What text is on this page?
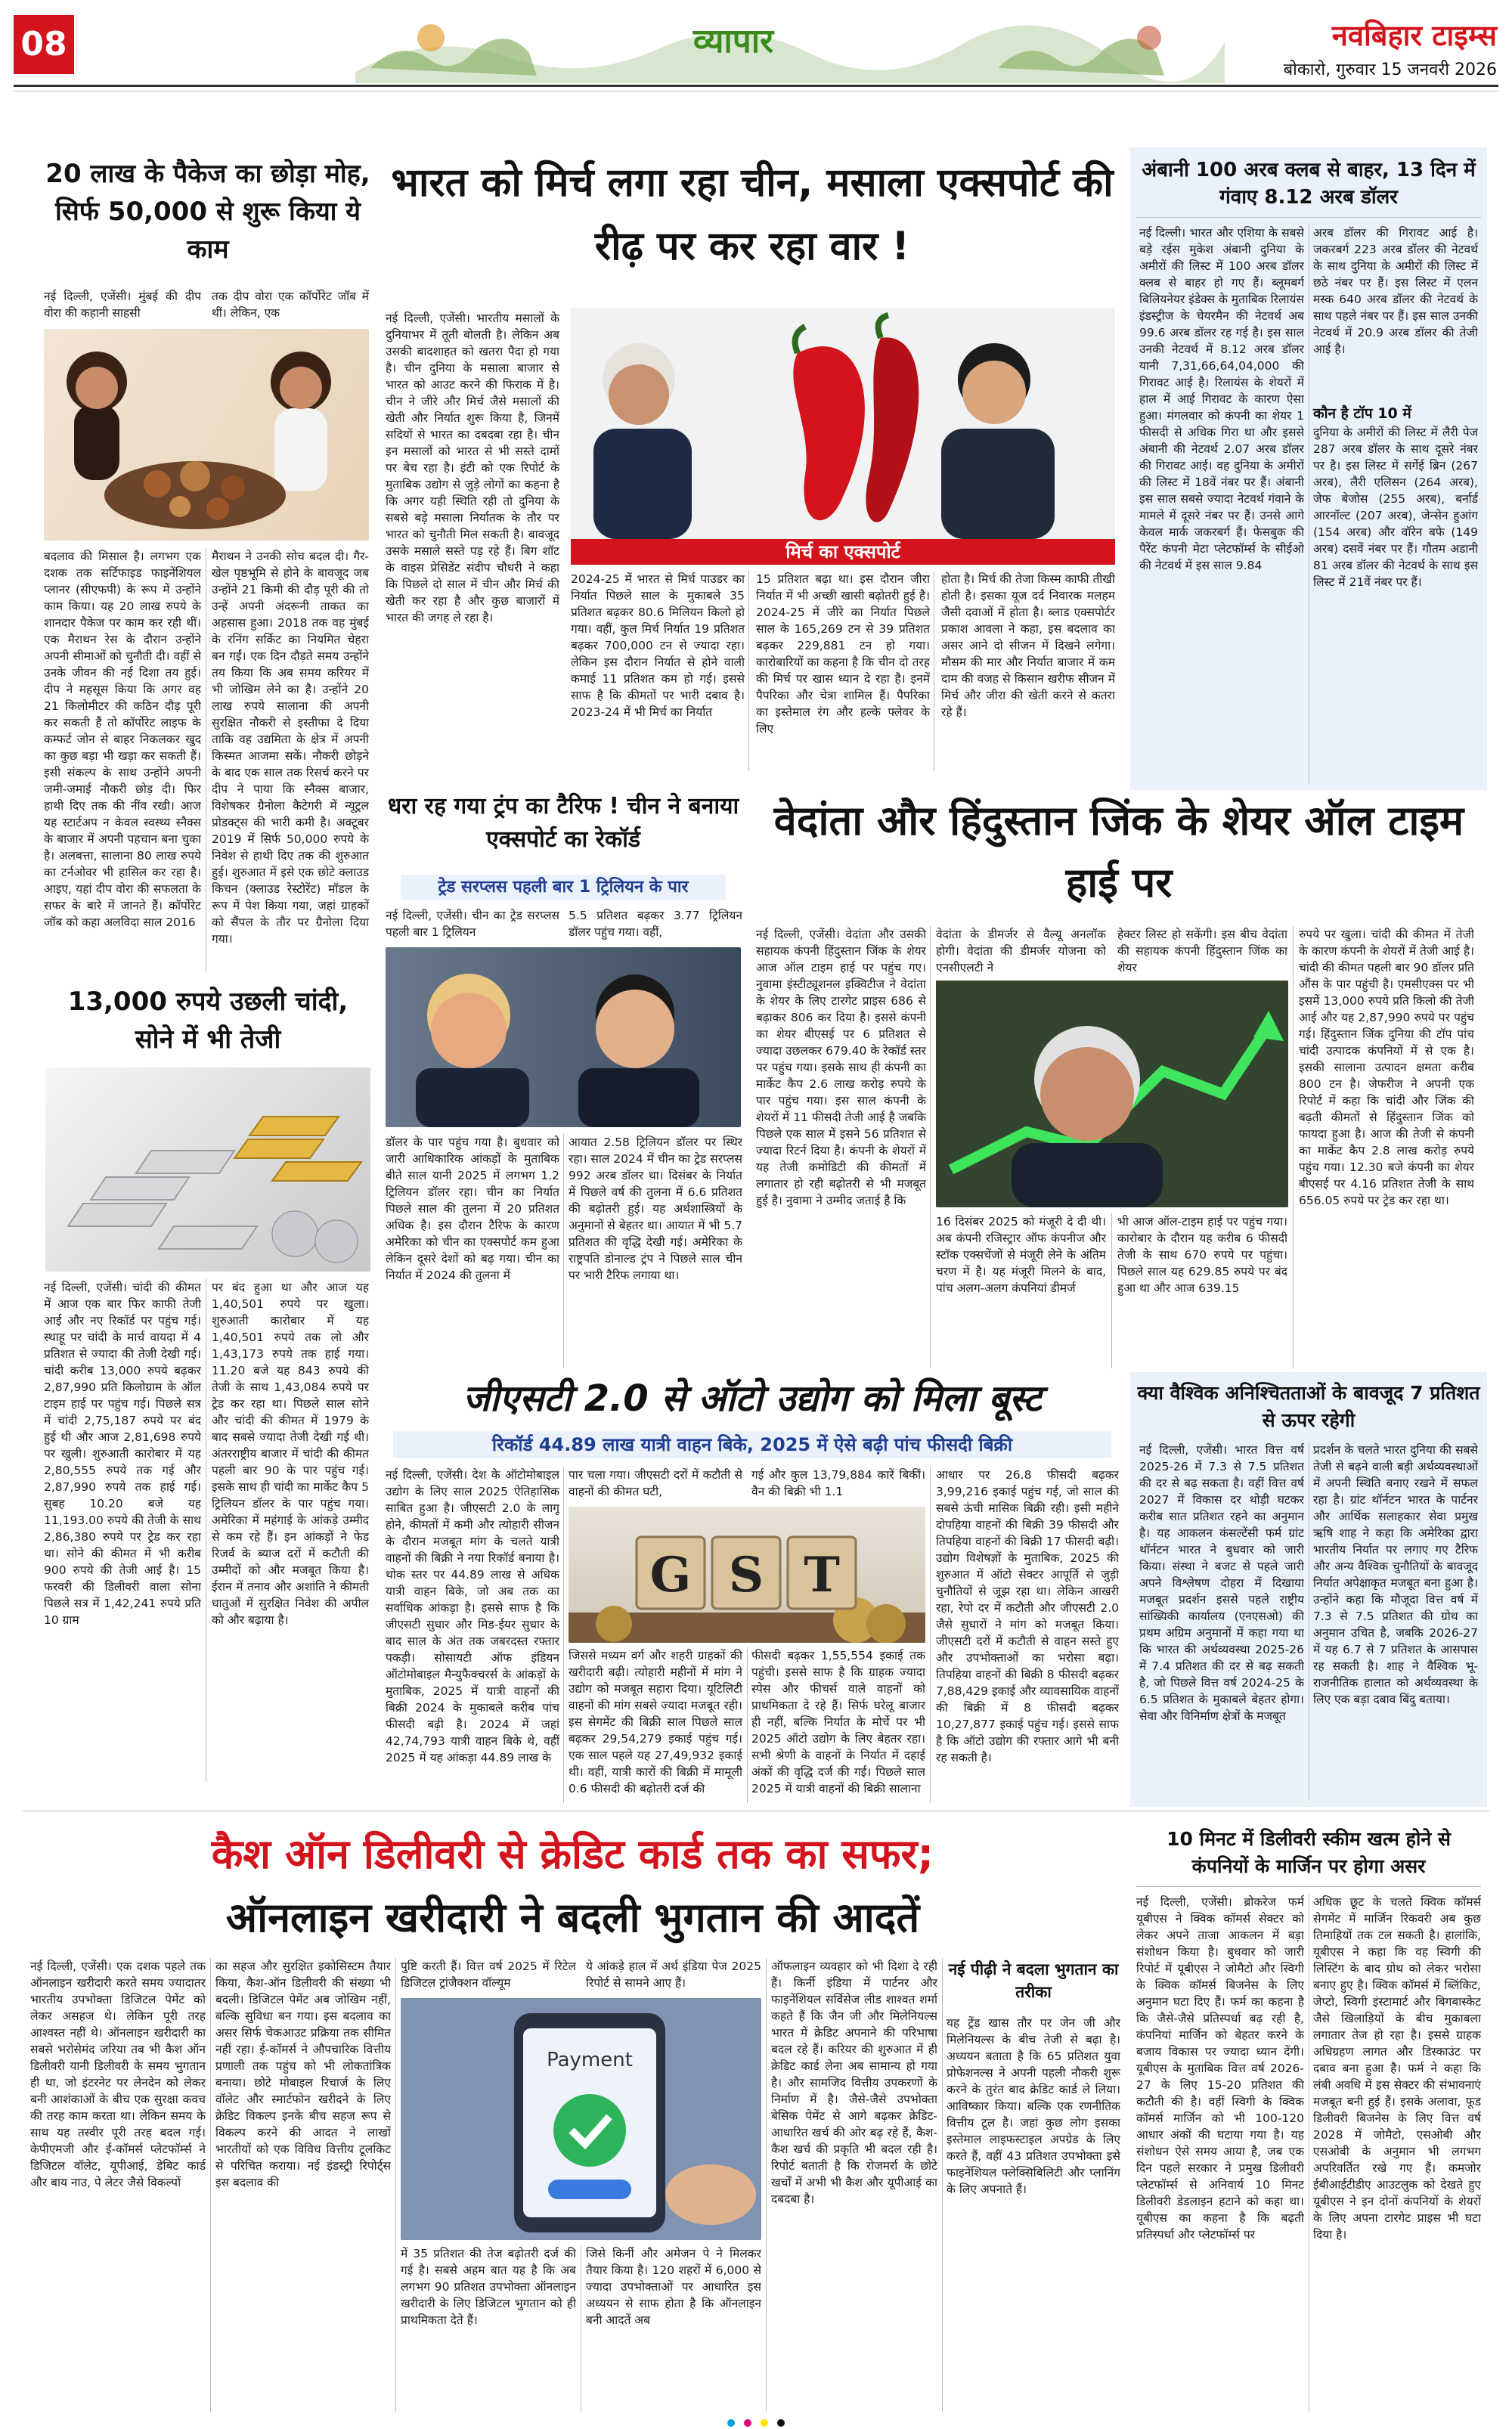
08	व्यापार	नवबिहार टाइम्स
बोकारो, गुरुवार 15 जनवरी 2026
20 लाख के पैकेज का छोड़ा मोह, सिर्फ 50,000 से शुरू किया ये काम
नई दिल्ली, एजेंसी। मुंबई की दीप वोरा की कहानी साहसी
तक दीप वोरा एक कॉर्पोरेट जॉब में थीं। लेकिन, एक
बदलाव की मिसाल है। लगभग एक दशक तक सर्टिफाइड फाइनेंशियल प्लानर (सीएफपी) के रूप में उन्होंने काम किया। यह 20 लाख रुपये के शानदार पैकेज पर काम कर रही थीं। एक मैराथन रेस के दौरान उन्होंने अपनी सीमाओं को चुनौती दी। वहीं से उनके जीवन की नई दिशा तय हुई। दीप ने महसूस किया कि अगर वह 21 किलोमीटर की कठिन दौड़ पूरी कर सकती हैं तो कॉर्पोरेट लाइफ के कम्फर्ट जोन से बाहर निकलकर खुद का कुछ बड़ा भी खड़ा कर सकती हैं। इसी संकल्प के साथ उन्होंने अपनी जमी-जमाई नौकरी छोड़ दी। फिर हाथी दिए तक की नींव रखी। आज यह स्टार्टअप न केवल स्वस्थ्य स्नैक्स के बाजार में अपनी पहचान बना चुका है। अलबत्ता, सालाना 80 लाख रुपये का टर्नओवर भी हासिल कर रहा है। आइए, यहां दीप वोरा की सफलता के सफर के बारे में जानते हैं। कॉर्पोरेट जॉब को कहा अलविदा साल 2016
मैराथन ने उनकी सोच बदल दी। गैर-खेल पृष्ठभूमि से होने के बावजूद जब उन्होंने 21 किमी की दौड़ पूरी की तो उन्हें अपनी अंदरूनी ताकत का अहसास हुआ। 2018 तक वह मुंबई के रनिंग सर्किट का नियमित चेहरा बन गईं। एक दिन दौड़ते समय उन्होंने तय किया कि अब समय करियर में भी जोखिम लेने का है। उन्होंने 20 लाख रुपये सालाना की अपनी सुरक्षित नौकरी से इस्तीफा दे दिया ताकि वह उद्यमिता के क्षेत्र में अपनी किस्मत आजमा सकें। नौकरी छोड़ने के बाद एक साल तक रिसर्च करने पर दीप ने पाया कि स्नैक्स बाजार, विशेषकर ग्रैनोला कैटेगरी में न्यूट्रल प्रोडक्ट्स की भारी कमी है। अक्टूबर 2019 में सिर्फ 50,000 रुपये के निवेश से हाथी दिए तक की शुरुआत हुई। शुरुआत में इसे एक छोटे क्लाउड किचन (क्लाउड रेस्टोरेंट) मॉडल के रूप में पेश किया गया, जहां ग्राहकों को सैंपल के तौर पर ग्रैनोला दिया गया।
भारत को मिर्च लगा रहा चीन, मसाला एक्सपोर्ट की रीढ़ पर कर रहा वार !
नई दिल्ली, एजेंसी। भारतीय मसालों के दुनियाभर में तूती बोलती है। लेकिन अब उसकी बादशाहत को खतरा पैदा हो गया है। चीन दुनिया के मसाला बाजार से भारत को आउट करने की फिराक में है। चीन ने जीरे और मिर्च जैसे मसालों की खेती और निर्यात शुरू किया है, जिनमें सदियों से भारत का दबदबा रहा है। चीन इन मसालों को भारत से भी सस्ते दामों पर बेच रहा है। इंटी को एक रिपोर्ट के मुताबिक उद्योग से जुड़े लोगों का कहना है कि अगर यही स्थिति रही तो दुनिया के सबसे बड़े मसाला निर्यातक के तौर पर भारत को चुनौती मिल सकती है। बावजूद उसके मसाले सस्ते पड़ रहे हैं। बिग शॉट के वाइस प्रेसिडेंट संदीप चौधरी ने कहा कि पिछले दो साल में चीन और मिर्च की खेती कर रहा है और कुछ बाजारों में भारत की जगह ले रहा है।
मिर्च का एक्सपोर्ट
2024-25 में भारत से मिर्च पाउडर का निर्यात पिछले साल के मुकाबले 35 प्रतिशत बढ़कर 80.6 मिलियन किलो हो गया। वहीं, कुल मिर्च निर्यात 19 प्रतिशत बढ़कर 700,000 टन से ज्यादा रहा। लेकिन इस दौरान निर्यात से होने वाली कमाई 11 प्रतिशत कम हो गई। इससे साफ है कि कीमतों पर भारी दबाव है। 2023-24 में भी मिर्च का निर्यात
15 प्रतिशत बढ़ा था। इस दौरान जीरा निर्यात में भी अच्छी खासी बढ़ोतरी हुई है। 2024-25 में जीरे का निर्यात पिछले साल के 165,269 टन से 39 प्रतिशत बढ़कर 229,881 टन हो गया। कारोबारियों का कहना है कि चीन दो तरह की मिर्च पर खास ध्यान दे रहा है। इनमें पैपरिका और चेत्रा शामिल हैं। पैपरिका का इस्तेमाल रंग और हल्के फ्लेवर के लिए
होता है। मिर्च की तेजा किस्म काफी तीखी होती है। इसका यूज दर्द निवारक मलहम जैसी दवाओं में होता है। ब्लाड एक्सपोर्टर प्रकाश आवला ने कहा, इस बदलाव का असर आने दो सीजन में दिखने लगेगा। मौसम की मार और निर्यात बाजार में कम दाम की वजह से किसान खरीफ सीजन में मिर्च और जीरा की खेती करने से कतरा रहे हैं।
अंबानी 100 अरब क्लब से बाहर, 13 दिन में गंवाए 8.12 अरब डॉलर
नई दिल्ली। भारत और एशिया के सबसे बड़े रईस मुकेश अंबानी दुनिया के अमीरों की लिस्ट में 100 अरब डॉलर क्लब से बाहर हो गए हैं। ब्लूमबर्ग बिलियनेयर इंडेक्स के मुताबिक रिलायंस इंडस्ट्रीज के चेयरमैन की नेटवर्थ अब 99.6 अरब डॉलर रह गई है। इस साल उनकी नेटवर्थ में 8.12 अरब डॉलर यानी 7,31,66,64,04,000 की गिरावट आई है। रिलायंस के शेयरों में हाल में आई गिरावट के कारण ऐसा हुआ। मंगलवार को कंपनी का शेयर 1 फीसदी से अधिक गिरा था और इससे अंबानी की नेटवर्थ 2.07 अरब डॉलर की गिरावट आई। वह दुनिया के अमीरों की लिस्ट में 18वें नंबर पर हैं। अंबानी इस साल सबसे ज्यादा नेटवर्थ गंवाने के मामले में दूसरे नंबर पर हैं। उनसे आगे केवल मार्क जकरबर्ग हैं। फेसबुक की पैरेंट कंपनी मेटा प्लेटफॉर्म्स के सीईओ की नेटवर्थ में इस साल 9.84
अरब डॉलर की गिरावट आई है। जकरबर्ग 223 अरब डॉलर की नेटवर्थ के साथ दुनिया के अमीरों की लिस्ट में छठे नंबर पर हैं। इस लिस्ट में एलन मस्क 640 अरब डॉलर की नेटवर्थ के साथ पहले नंबर पर हैं। इस साल उनकी नेटवर्थ में 20.9 अरब डॉलर की तेजी आई है।
कौन है टॉप 10 में
दुनिया के अमीरों की लिस्ट में लैरी पेज 287 अरब डॉलर के साथ दूसरे नंबर पर है। इस लिस्ट में सर्गेई ब्रिन (267 अरब), लैरी एलिसन (264 अरब), जेफ बेजोस (255 अरब), बर्नार्ड आरनॉल्ट (207 अरब), जेन्सेन हुआंग (154 अरब) और वॉरेन बफे (149 अरब) दसवें नंबर पर हैं। गौतम अडानी 81 अरब डॉलर की नेटवर्थ के साथ इस लिस्ट में 21वें नंबर पर हैं।
13,000 रुपये उछली चांदी, सोने में भी तेजी
नई दिल्ली, एजेंसी। चांदी की कीमत में आज एक बार फिर काफी तेजी आई और नए रिकॉर्ड पर पहुंच गई। स्थाहू पर चांदी के मार्च वायदा में 4 प्रतिशत से ज्यादा की तेजी देखी गई। चांदी करीब 13,000 रुपये बढ़कर 2,87,990 प्रति किलोग्राम के ऑल टाइम हाई पर पहुंच गई। पिछले सत्र में चांदी 2,75,187 रुपये पर बंद हुई थी और आज 2,81,698 रुपये पर खुली। शुरुआती कारोबार में यह 2,80,555 रुपये तक गई और 2,87,990 रुपये तक हाई गई। सुबह 10.20 बजे यह 11,193.00 रुपये की तेजी के साथ 2,86,380 रुपये पर ट्रेड कर रहा था। सोने की कीमत में भी करीब 900 रुपये की तेजी आई है। 15 फरवरी की डिलीवरी वाला सोना पिछले सत्र में 1,42,241 रुपये प्रति 10 ग्राम
पर बंद हुआ था और आज यह 1,40,501 रुपये पर खुला। शुरुआती कारोबार में यह 1,40,501 रुपये तक लो और 1,43,173 रुपये तक हाई गया। 11.20 बजे यह 843 रुपये की तेजी के साथ 1,43,084 रुपये पर ट्रेड कर रहा था। पिछले साल सोने और चांदी की कीमत में 1979 के बाद सबसे ज्यादा तेजी देखी गई थी। अंतरराष्ट्रीय बाजार में चांदी की कीमत पहली बार 90 के पार पहुंच गई। इसके साथ ही चांदी का मार्केट कैप 5 ट्रिलियन डॉलर के पार पहुंच गया। अमेरिका में महंगाई के आंकड़े उम्मीद से कम रहे हैं। इन आंकड़ों ने फेड रिजर्व के ब्याज दरों में कटौती की उम्मीदों को और मजबूत किया है। ईरान में तनाव और अशांति ने कीमती धातुओं में सुरक्षित निवेश की अपील को और बढ़ाया है।
धरा रह गया ट्रंप का टैरिफ ! चीन ने बनाया एक्सपोर्ट का रेकॉर्ड
ट्रेड सरप्लस पहली बार 1 ट्रिलियन के पार
नई दिल्ली, एजेंसी। चीन का ट्रेड सरप्लस पहली बार 1 ट्रिलियन
5.5 प्रतिशत बढ़कर 3.77 ट्रिलियन डॉलर पहुंच गया। वहीं,
डॉलर के पार पहुंच गया है। बुधवार को जारी आधिकारिक आंकड़ों के मुताबिक बीते साल यानी 2025 में लगभग 1.2 ट्रिलियन डॉलर रहा। चीन का निर्यात पिछले साल की तुलना में 20 प्रतिशत अधिक है। इस दौरान टैरिफ के कारण अमेरिका को चीन का एक्सपोर्ट कम हुआ लेकिन दूसरे देशों को बढ़ गया। चीन का निर्यात में 2024 की तुलना में
आयात 2.58 ट्रिलियन डॉलर पर स्थिर रहा। साल 2024 में चीन का ट्रेड सरप्लस 992 अरब डॉलर था। दिसंबर के निर्यात में पिछले वर्ष की तुलना में 6.6 प्रतिशत की बढ़ोतरी हुई। यह अर्थशास्त्रियों के अनुमानों से बेहतर था। आयात में भी 5.7 प्रतिशत की वृद्धि देखी गई। अमेरिका के राष्ट्रपति डोनाल्ड ट्रंप ने पिछले साल चीन पर भारी टैरिफ लगाया था।
वेदांता और हिंदुस्तान जिंक के शेयर ऑल टाइम हाई पर
नई दिल्ली, एजेंसी। वेदांता और उसकी सहायक कंपनी हिंदुस्तान जिंक के शेयर आज ऑल टाइम हाई पर पहुंच गए। नुवामा इंस्टीट्यूशनल इक्विटीज ने वेदांता के शेयर के लिए टारगेट प्राइस 686 से बढ़ाकर 806 कर दिया है। इससे कंपनी का शेयर बीएसई पर 6 प्रतिशत से ज्यादा उछलकर 679.40 के रेकॉर्ड स्तर पर पहुंच गया। इसके साथ ही कंपनी का मार्केट कैप 2.6 लाख करोड़ रुपये के पार पहुंच गया। इस साल कंपनी के शेयरों में 11 फीसदी तेजी आई है जबकि पिछले एक साल में इसने 56 प्रतिशत से ज्यादा रिटर्न दिया है। कंपनी के शेयरों में यह तेजी कमोडिटी की कीमतों में लगातार हो रही बढ़ोतरी से भी मजबूत हुई है। नुवामा ने उम्मीद जताई है कि
वेदांता के डीमर्जर से वैल्यू अनलॉक होगी। वेदांता की डीमर्जर योजना को एनसीएलटी ने
हेक्टर लिस्ट हो सकेंगी। इस बीच वेदांता की सहायक कंपनी हिंदुस्तान जिंक का शेयर
16 दिसंबर 2025 को मंजूरी दे दी थी। अब कंपनी रजिस्ट्रार ऑफ कंपनीज और स्टॉक एक्सचेंजों से मंजूरी लेने के अंतिम चरण में है। यह मंजूरी मिलने के बाद, पांच अलग-अलग कंपनियां डीमर्ज
भी आज ऑल-टाइम हाई पर पहुंच गया। कारोबार के दौरान यह करीब 6 फीसदी तेजी के साथ 670 रुपये पर पहुंचा। पिछले साल यह 629.85 रुपये पर बंद हुआ था और आज 639.15
रुपये पर खुला। चांदी की कीमत में तेजी के कारण कंपनी के शेयरों में तेजी आई है। चांदी की कीमत पहली बार 90 डॉलर प्रति औंस के पार पहुंची है। एमसीएक्स पर भी इसमें 13,000 रुपये प्रति किलो की तेजी आई और यह 2,87,990 रुपये पर पहुंच गई। हिंदुस्तान जिंक दुनिया की टॉप पांच चांदी उत्पादक कंपनियों में से एक है। इसकी सालाना उत्पादन क्षमता करीब 800 टन है। जेफरीज ने अपनी एक रिपोर्ट में कहा कि चांदी और जिंक की बढ़ती कीमतों से हिंदुस्तान जिंक को फायदा हुआ है। आज की तेजी से कंपनी का मार्केट कैप 2.8 लाख करोड़ रुपये पहुंच गया। 12.30 बजे कंपनी का शेयर बीएसई पर 4.16 प्रतिशत तेजी के साथ 656.05 रुपये पर ट्रेड कर रहा था।
जीएसटी 2.0 से ऑटो उद्योग को मिला बूस्ट
रिकॉर्ड 44.89 लाख यात्री वाहन बिके, 2025 में ऐसे बढ़ी पांच फीसदी बिक्री
नई दिल्ली, एजेंसी। देश के ऑटोमोबाइल उद्योग के लिए साल 2025 ऐतिहासिक साबित हुआ है। जीएसटी 2.0 के लागू होने, कीमतों में कमी और त्योहारी सीजन के दौरान मजबूत मांग के चलते यात्री वाहनों की बिक्री ने नया रिकॉर्ड बनाया है। थोक स्तर पर 44.89 लाख से अधिक यात्री वाहन बिके, जो अब तक का सर्वाधिक आंकड़ा है। इससे साफ है कि जीएसटी सुधार और मिड-ईयर सुधार के बाद साल के अंत तक जबरदस्त रफ्तार पकड़ी। सोसायटी ऑफ इंडियन ऑटोमोबाइल मैन्युफैक्चरर्स के आंकड़ों के मुताबिक, 2025 में यात्री वाहनों की बिक्री 2024 के मुकाबले करीब पांच फीसदी बढ़ी है। 2024 में जहां 42,74,793 यात्री वाहन बिके थे, वहीं 2025 में यह आंकड़ा 44.89 लाख के
पार चला गया। जीएसटी दरों में कटौती से वाहनों की कीमत घटी,
गई और कुल 13,79,884 कारें बिकीं। वैन की बिक्री भी 1.1
G S T
जिससे मध्यम वर्ग और शहरी ग्राहकों की खरीदारी बढ़ी। त्योहारी महीनों में मांग ने उद्योग को मजबूत सहारा दिया। यूटिलिटी वाहनों की मांग सबसे ज्यादा मजबूत रही। इस सेगमेंट की बिक्री साल पिछले साल बढ़कर 29,54,279 इकाई पहुंच गई। एक साल पहले यह 27,49,932 इकाई थी। वहीं, यात्री कारों की बिक्री में मामूली 0.6 फीसदी की बढ़ोतरी दर्ज की
फीसदी बढ़कर 1,55,554 इकाई तक पहुंची। इससे साफ है कि ग्राहक ज्यादा स्पेस और फीचर्स वाले वाहनों को प्राथमिकता दे रहे हैं। सिर्फ घरेलू बाजार ही नहीं, बल्कि निर्यात के मोर्चे पर भी 2025 ऑटो उद्योग के लिए बेहतर रहा। सभी श्रेणी के वाहनों के निर्यात में दहाई अंकों की वृद्धि दर्ज की गई। पिछले साल 2025 में यात्री वाहनों की बिक्री सालाना
आधार पर 26.8 फीसदी बढ़कर 3,99,216 इकाई पहुंच गई, जो साल की सबसे ऊंची मासिक बिक्री रही। इसी महीने दोपहिया वाहनों की बिक्री 39 फीसदी और तिपहिया वाहनों की बिक्री 17 फीसदी बढ़ी। उद्योग विशेषज्ञों के मुताबिक, 2025 की शुरुआत में ऑटो सेक्टर आपूर्ति से जुड़ी चुनौतियों से जूझ रहा था। लेकिन आखरी रहा, रेपो दर में कटौती और जीएसटी 2.0 जैसे सुधारों ने मांग को मजबूत किया। जीएसटी दरों में कटौती से वाहन सस्ते हुए और उपभोक्ताओं का भरोसा बढ़ा। तिपहिया वाहनों की बिक्री 8 फीसदी बढ़कर 7,88,429 इकाई और व्यावसायिक वाहनों की बिक्री में 8 फीसदी बढ़कर 10,27,877 इकाई पहुंच गई। इससे साफ है कि ऑटो उद्योग की रफ्तार आगे भी बनी रह सकती है।
क्या वैश्विक अनिश्चितताओं के बावजूद 7 प्रतिशत से ऊपर रहेगी
नई दिल्ली, एजेंसी। भारत वित्त वर्ष 2025-26 में 7.3 से 7.5 प्रतिशत की दर से बढ़ सकता है। वहीं वित्त वर्ष 2027 में विकास दर थोड़ी घटकर करीब सात प्रतिशत रहने का अनुमान है। यह आकलन कंसल्टेंसी फर्म ग्रांट थॉर्नटन भारत ने बुधवार को जारी किया। संस्था ने बजट से पहले जारी अपने विश्लेषण दोहरा में दिखाया मजबूत प्रदर्शन इससे पहले राष्ट्रीय सांख्यिकी कार्यालय (एनएसओ) की प्रथम अग्रिम अनुमानों में कहा गया था कि भारत की अर्थव्यवस्था 2025-26 में 7.4 प्रतिशत की दर से बढ़ सकती है, जो पिछले वित्त वर्ष 2024-25 के 6.5 प्रतिशत के मुकाबले बेहतर होगा। सेवा और विनिर्माण क्षेत्रों के मजबूत
प्रदर्शन के चलते भारत दुनिया की सबसे तेजी से बढ़ने वाली बड़ी अर्थव्यवस्थाओं में अपनी स्थिति बनाए रखने में सफल रहा है। ग्रांट थॉर्नटन भारत के पार्टनर और आर्थिक सलाहकार सेवा प्रमुख ऋषि शाह ने कहा कि अमेरिका द्वारा भारतीय निर्यात पर लगाए गए टैरिफ और अन्य वैश्विक चुनौतियों के बावजूद निर्यात अपेक्षाकृत मजबूत बना हुआ है। उन्होंने कहा कि मौजूदा वित्त वर्ष में 7.3 से 7.5 प्रतिशत की ग्रोथ का अनुमान उचित है, जबकि 2026-27 में यह 6.7 से 7 प्रतिशत के आसपास रह सकती है। शाह ने वैश्विक भू-राजनीतिक हालात को अर्थव्यवस्था के लिए एक बड़ा दबाव बिंदु बताया।
कैश ऑन डिलीवरी से क्रेडिट कार्ड तक का सफर;
ऑनलाइन खरीदारी ने बदली भुगतान की आदतें
नई दिल्ली, एजेंसी। एक दशक पहले तक ऑनलाइन खरीदारी करते समय ज्यादातर भारतीय उपभोक्ता डिजिटल पेमेंट को लेकर असहज थे। लेकिन पूरी तरह आश्वस्त नहीं थे। ऑनलाइन खरीदारी का सबसे भरोसेमंद जरिया तब भी कैश ऑन डिलीवरी यानी डिलीवरी के समय भुगतान ही था, जो इंटरनेट पर लेनदेन को लेकर बनी आशंकाओं के बीच एक सुरक्षा कवच की तरह काम करता था। लेकिन समय के साथ यह तस्वीर पूरी तरह बदल गई। केपीएमजी और ई-कॉमर्स प्लेटफॉर्म्स ने डिजिटल वॉलेट, यूपीआई, डेबिट कार्ड और बाय नाउ, पे लेटर जैसे विकल्पों
का सहज और सुरक्षित इकोसिस्टम तैयार किया, कैश-ऑन डिलीवरी की संख्या भी बदली। डिजिटल पेमेंट अब जोखिम नहीं, बल्कि सुविधा बन गया। इस बदलाव का असर सिर्फ चेकआउट प्रक्रिया तक सीमित नहीं रहा। ई-कॉमर्स ने औपचारिक वित्तीय प्रणाली तक पहुंच को भी लोकतांत्रिक बनाया। छोटे मोबाइल रिचार्ज के लिए वॉलेट और स्मार्टफोन खरीदने के लिए क्रेडिट विकल्प इनके बीच सहज रूप से विकल्प करने की आदत ने लाखों भारतीयों को एक विविध वित्तीय टूलकिट से परिचित कराया। नई इंडस्ट्री रिपोर्ट्स इस बदलाव की
पुष्टि करती हैं। वित्त वर्ष 2025 में रिटेल डिजिटल ट्रांजैक्शन वॉल्यूम
ये आंकड़े हाल में अर्थ इंडिया पेज 2025 रिपोर्ट से सामने आए हैं।
Payment
में 35 प्रतिशत की तेज बढ़ोतरी दर्ज की गई है। सबसे अहम बात यह है कि अब लगभग 90 प्रतिशत उपभोक्ता ऑनलाइन खरीदारी के लिए डिजिटल भुगतान को ही प्राथमिकता देते हैं।
जिसे किर्नी और अमेजन पे ने मिलकर तैयार किया है। 120 शहरों में 6,000 से ज्यादा उपभोक्ताओं पर आधारित इस अध्ययन से साफ होता है कि ऑनलाइन बनी आदतें अब
ऑफलाइन व्यवहार को भी दिशा दे रही हैं। किर्नी इंडिया में पार्टनर और फाइनेंशियल सर्विसेज लीड शाश्वत शर्मा कहते हैं कि जैन जी और मिलेनियल्स भारत में क्रेडिट अपनाने की परिभाषा बदल रहे हैं। करियर की शुरुआत में ही क्रेडिट कार्ड लेना अब सामान्य हो गया है। और सामजिद वित्तीय उपकरणों के निर्माण में है। जैसे-जैसे उपभोक्ता बेसिक पेमेंट से आगे बढ़कर क्रेडिट-आधारित खर्च की ओर बढ़ रहे हैं, कैश-कैश खर्च की प्रकृति भी बदल रही है। रिपोर्ट बताती है कि रोजमर्रा के छोटे खर्चों में अभी भी कैश और यूपीआई का दबदबा है।
नई पीढ़ी ने बदला भुगतान का तरीका
यह ट्रेंड खास तौर पर जेन जी और मिलेनियल्स के बीच तेजी से बढ़ा है। अध्ययन बताता है कि 65 प्रतिशत युवा प्रोफेशनल्स ने अपनी पहली नौकरी शुरू करने के तुरंत बाद क्रेडिट कार्ड ले लिया। आविष्कार किया। बल्कि एक रणनीतिक वित्तीय टूल है। जहां कुछ लोग इसका इस्तेमाल लाइफस्टाइल अपग्रेड के लिए करते हैं, वहीं 43 प्रतिशत उपभोक्ता इसे फाइनेंशियल फ्लेक्सिबिलिटी और प्लानिंग के लिए अपनाते हैं।
10 मिनट में डिलीवरी स्कीम खत्म होने से कंपनियों के मार्जिन पर होगा असर
नई दिल्ली, एजेंसी। ब्रोकरेज फर्म यूबीएस ने क्विक कॉमर्स सेक्टर को लेकर अपने ताजा आकलन में बड़ा संशोधन किया है। बुधवार को जारी रिपोर्ट में यूबीएस ने जोमैटो और स्विगी के क्विक कॉमर्स बिजनेस के लिए अनुमान घटा दिए हैं। फर्म का कहना है कि जैसे-जैसे प्रतिस्पर्धा बढ़ रही है, कंपनियां मार्जिन को बेहतर करने के बजाय विकास पर ज्यादा ध्यान देंगी। यूबीएस के मुताबिक वित्त वर्ष 2026-27 के लिए 15-20 प्रतिशत की कटौती की है। वहीं स्विगी के क्विक कॉमर्स मार्जिन को भी 100-120 आधार अंकों की घटाया गया है। यह संशोधन ऐसे समय आया है, जब एक दिन पहले सरकार ने प्रमुख डिलीवरी प्लेटफॉर्म्स से अनिवार्य 10 मिनट डिलीवरी डेडलाइन हटाने को कहा था। यूबीएस का कहना है कि बढ़ती प्रतिस्पर्धा और प्लेटफॉर्म्स पर
अधिक छूट के चलते क्विक कॉमर्स सेगमेंट में मार्जिन रिकवरी अब कुछ तिमाहियों तक टल सकती है। हालांकि, यूबीएस ने कहा कि वह स्विगी की लिस्टिंग के बाद ग्रोथ को लेकर भरोसा बनाए हुए है। क्विक कॉमर्स में ब्लिंकिट, जेप्टो, स्विगी इंस्टामार्ट और बिगबास्केट जैसे खिलाड़ियों के बीच मुकाबला लगातार तेज हो रहा है। इससे ग्राहक अधिग्रहण लागत और डिस्काउंट पर दबाव बना हुआ है। फर्म ने कहा कि लंबी अवधि में इस सेक्टर की संभावनाएं मजबूत बनी हुई हैं। इसके अलावा, फूड डिलीवरी बिजनेस के लिए वित्त वर्ष 2028 में जोमैटो, एसओबी और एसओबी के अनुमान भी लगभग अपरिवर्तित रखे गए हैं। कमजोर ईबीआईटीडीए आउटलुक को देखते हुए यूबीएस ने इन दोनों कंपनियों के शेयरों के लिए अपना टारगेट प्राइस भी घटा दिया है।
